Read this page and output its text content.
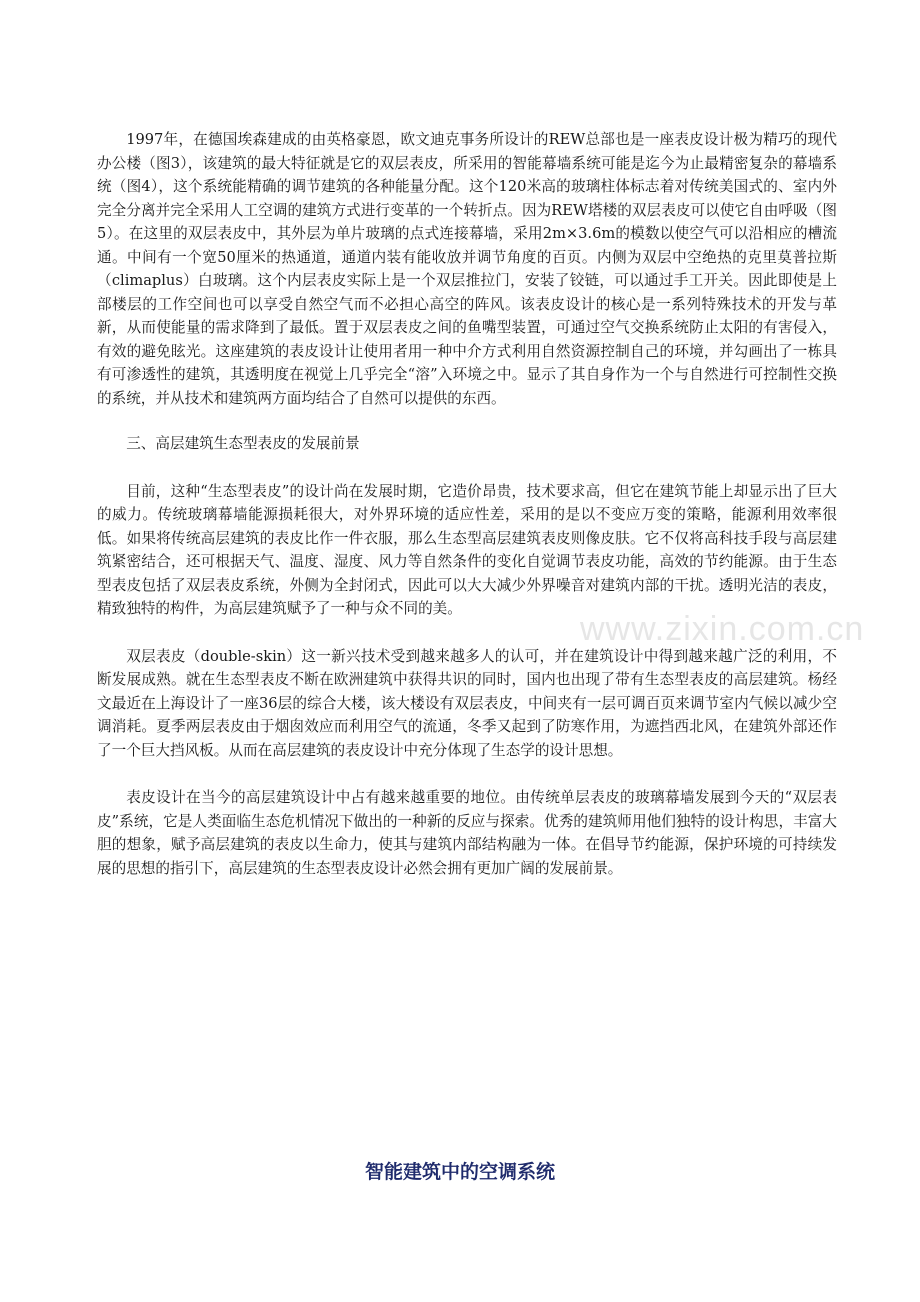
1997年，在德国埃森建成的由英格豪恩，欧文迪克事务所设计的REW总部也是一座表皮设计极为精巧的现代办公楼（图3），该建筑的最大特征就是它的双层表皮，所采用的智能幕墙系统可能是迄今为止最精密复杂的幕墙系统（图4），这个系统能精确的调节建筑的各种能量分配。这个120米高的玻璃柱体标志着对传统美国式的、室内外完全分离并完全采用人工空调的建筑方式进行变革的一个转折点。因为REW塔楼的双层表皮可以使它自由呼吸（图5）。在这里的双层表皮中，其外层为单片玻璃的点式连接幕墙，采用2m×3.6m的模数以使空气可以沿相应的槽流通。中间有一个宽50厘米的热通道，通道内装有能收放并调节角度的百页。内侧为双层中空绝热的克里莫普拉斯（climaplus）白玻璃。这个内层表皮实际上是一个双层推拉门，安装了铰链，可以通过手工开关。因此即使是上部楼层的工作空间也可以享受自然空气而不必担心高空的阵风。该表皮设计的核心是一系列特殊技术的开发与革新，从而使能量的需求降到了最低。置于双层表皮之间的鱼嘴型装置，可通过空气交换系统防止太阳的有害侵入，有效的避免眩光。这座建筑的表皮设计让使用者用一种中介方式利用自然资源控制自己的环境，并勾画出了一栋具有可渗透性的建筑，其透明度在视觉上几乎完全“溶”入环境之中。显示了其自身作为一个与自然进行可控制性交换的系统，并从技术和建筑两方面均结合了自然可以提供的东西。

三、高层建筑生态型表皮的发展前景

目前，这种“生态型表皮”的设计尚在发展时期，它造价昂贵，技术要求高，但它在建筑节能上却显示出了巨大的威力。传统玻璃幕墙能源损耗很大，对外界环境的适应性差，采用的是以不变应万变的策略，能源利用效率很低。如果将传统高层建筑的表皮比作一件衣服，那么生态型高层建筑表皮则像皮肤。它不仅将高科技手段与高层建筑紧密结合，还可根据天气、温度、湿度、风力等自然条件的变化自觉调节表皮功能，高效的节约能源。由于生态型表皮包括了双层表皮系统，外侧为全封闭式，因此可以大大减少外界噪音对建筑内部的干扰。透明光洁的表皮，精致独特的构件，为高层建筑赋予了一种与众不同的美。

双层表皮（double-skin）这一新兴技术受到越来越多人的认可，并在建筑设计中得到越来越广泛的利用，不断发展成熟。就在生态型表皮不断在欧洲建筑中获得共识的同时，国内也出现了带有生态型表皮的高层建筑。杨经文最近在上海设计了一座36层的综合大楼，该大楼设有双层表皮，中间夹有一层可调百页来调节室内气候以减少空调消耗。夏季两层表皮由于烟囱效应而利用空气的流通，冬季又起到了防寒作用，为遮挡西北风，在建筑外部还作了一个巨大挡风板。从而在高层建筑的表皮设计中充分体现了生态学的设计思想。

表皮设计在当今的高层建筑设计中占有越来越重要的地位。由传统单层表皮的玻璃幕墙发展到今天的“双层表皮”系统，它是人类面临生态危机情况下做出的一种新的反应与探索。优秀的建筑师用他们独特的设计构思，丰富大胆的想象，赋予高层建筑的表皮以生命力，使其与建筑内部结构融为一体。在倡导节约能源，保护环境的可持续发展的思想的指引下，高层建筑的生态型表皮设计必然会拥有更加广阔的发展前景。

www.zixin.com.cn
智能建筑中的空调系统
